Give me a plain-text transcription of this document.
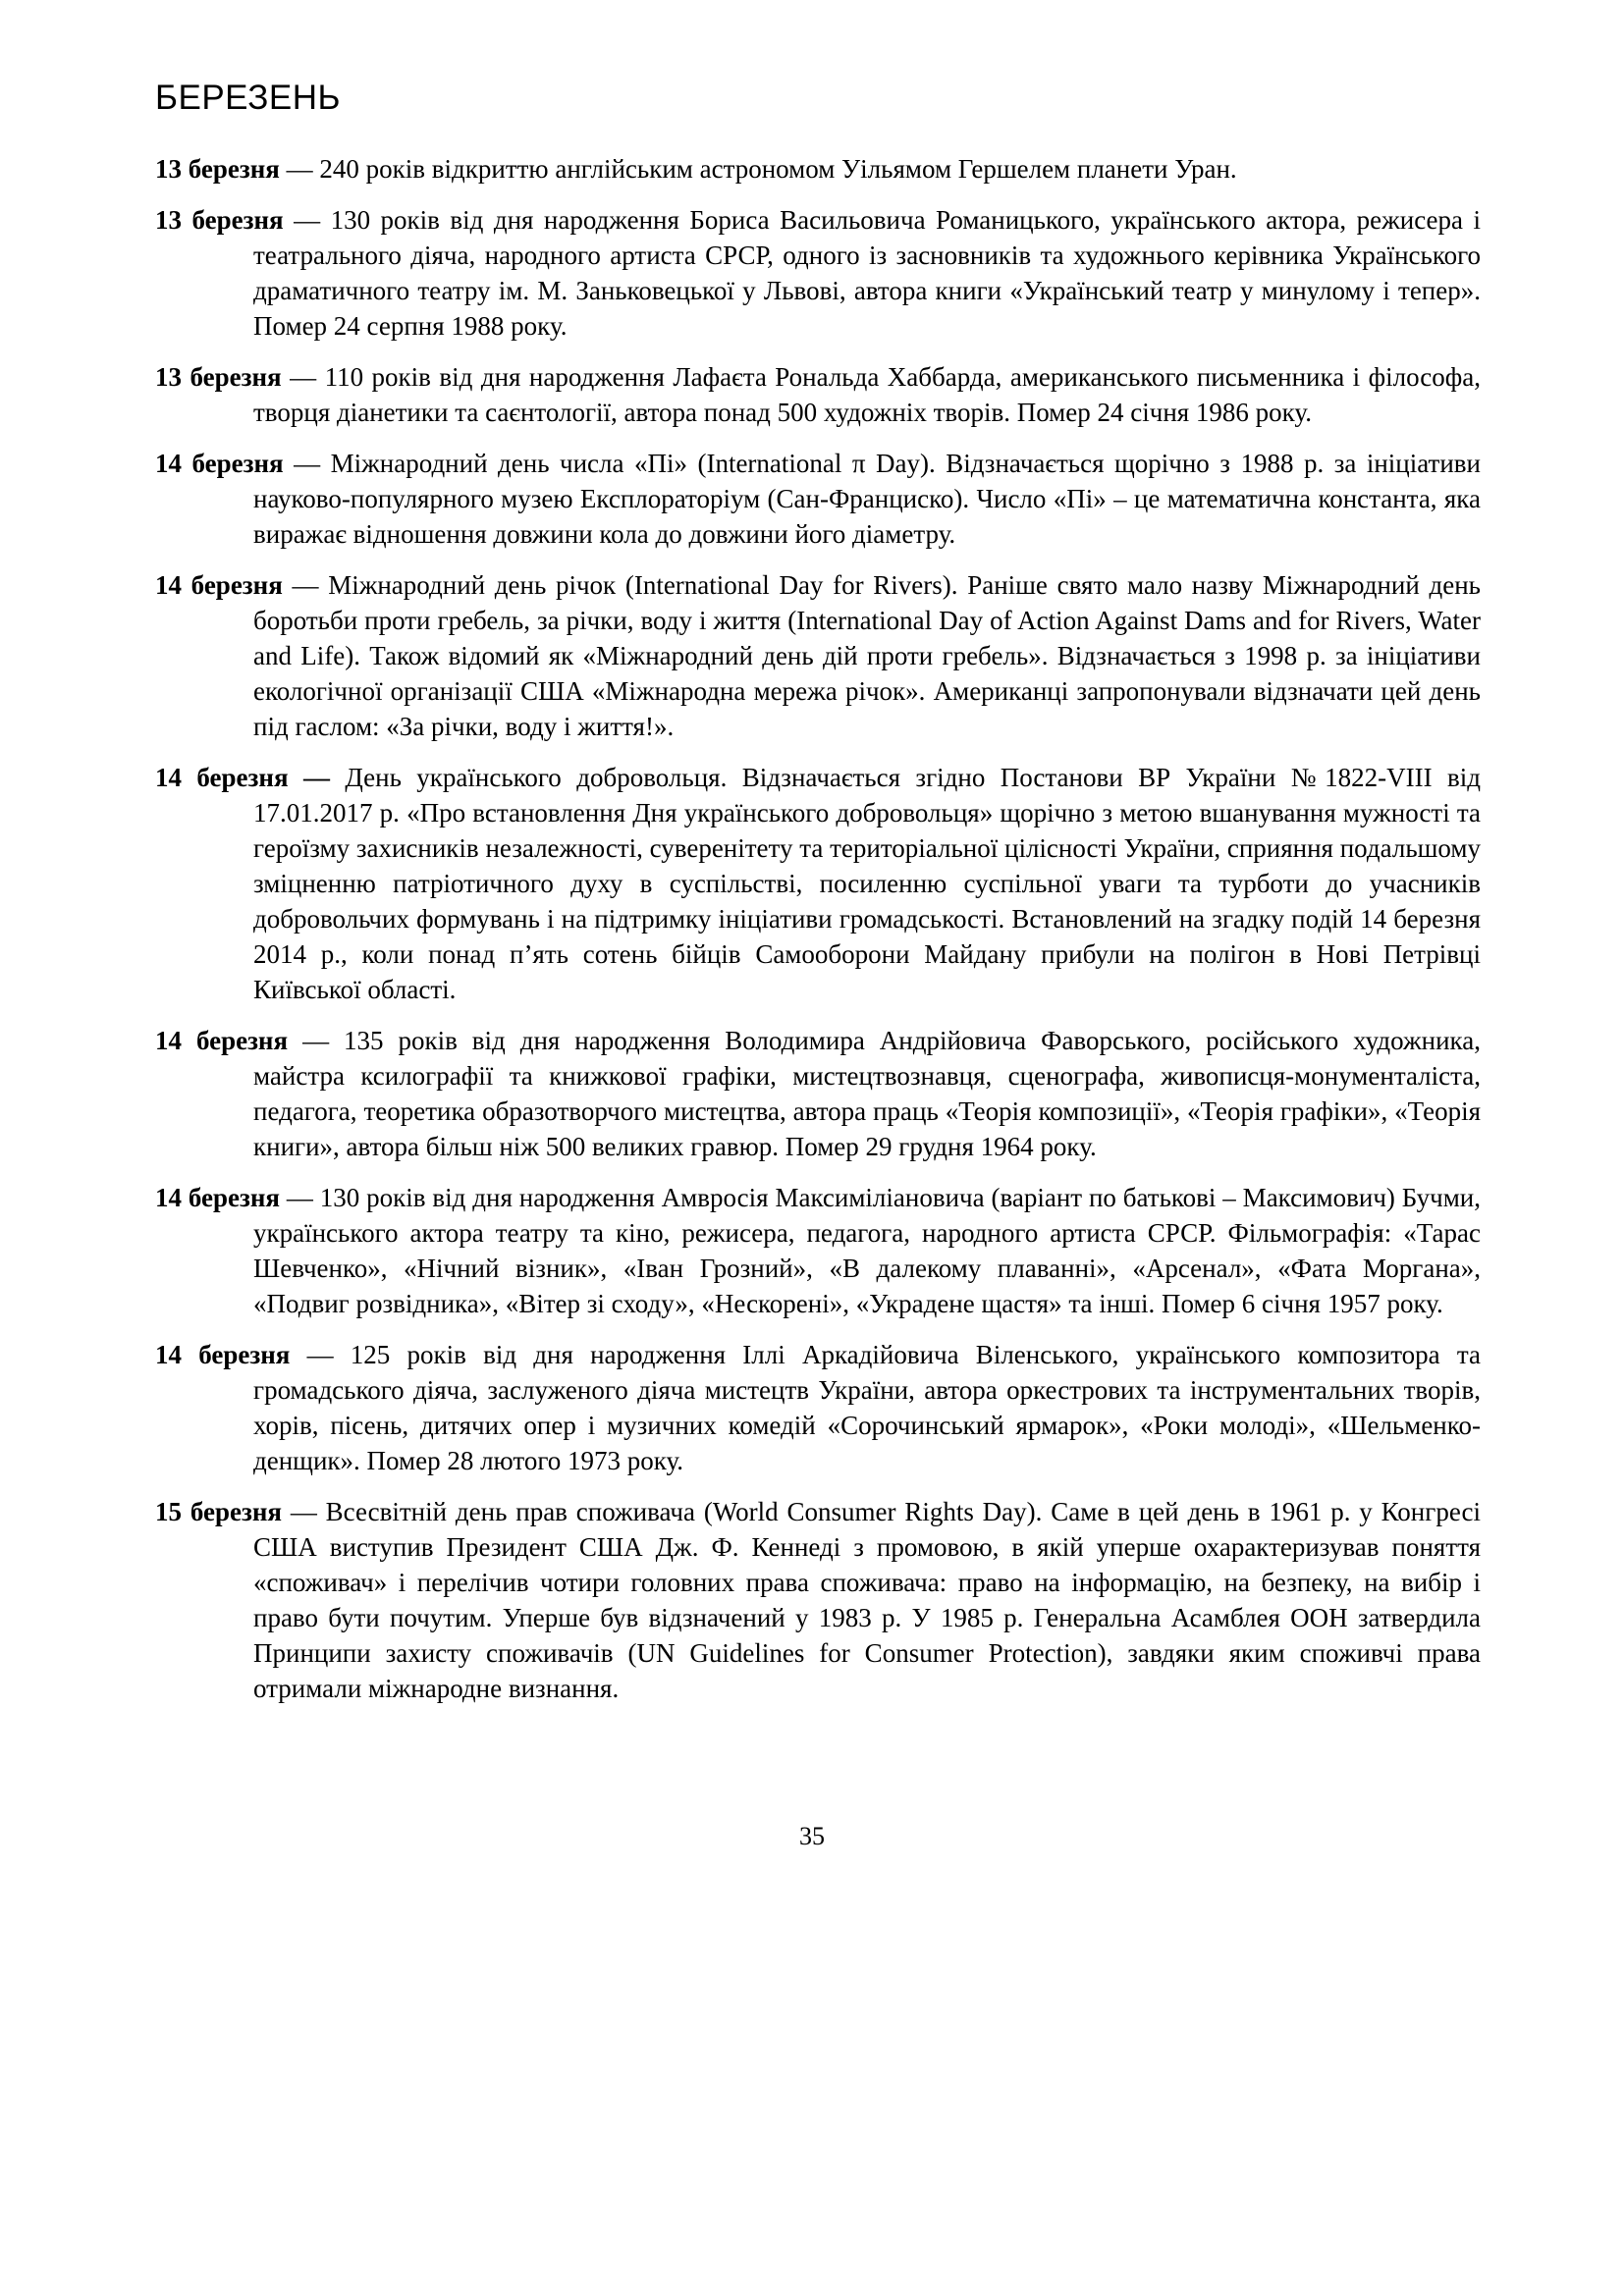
БЕРЕЗЕНЬ

13 березня — 240 років відкриттю англійським астрономом Уільямом Гершелем планети Уран.

13 березня — 130 років від дня народження Бориса Васильовича Романицького, українського актора, режисера і театрального діяча, народного артиста СРСР, одного із засновників та художнього керівника Українського драматичного театру ім. М. Заньковецької у Львові, автора книги «Український театр у минулому і тепер». Помер 24 серпня 1988 року.

13 березня — 110 років від дня народження Лафаєта Рональда Хаббарда, американського письменника і філософа, творця діанетики та саєнтології, автора понад 500 художніх творів. Помер 24 січня 1986 року.

14 березня — Міжнародний день числа «Пі» (International π Day). Відзначається щорічно з 1988 р. за ініціативи науково-популярного музею Експлораторіум (Сан-Франциско). Число «Пі» – це математична константа, яка виражає відношення довжини кола до довжини його діаметру.

14 березня — Міжнародний день річок (International Day for Rivers). Раніше свято мало назву Міжнародний день боротьби проти гребель, за річки, воду і життя (International Day of Action Against Dams and for Rivers, Water and Life). Також відомий як «Міжнародний день дій проти гребель». Відзначається з 1998 р. за ініціативи екологічної організації США «Міжнародна мережа річок». Американці запропонували відзначати цей день під гаслом: «За річки, воду і життя!».

14 березня — День українського добровольця. Відзначається згідно Постанови ВР України №1822-VIII від 17.01.2017 р. «Про встановлення Дня українського добровольця» щорічно з метою вшанування мужності та героїзму захисників незалежності, суверенітету та територіальної цілісності України, сприяння подальшому зміцненню патріотичного духу в суспільстві, посиленню суспільної уваги та турботи до учасників добровольчих формувань і на підтримку ініціативи громадськості. Встановлений на згадку подій 14 березня 2014 р., коли понад п’ять сотень бійців Самооборони Майдану прибули на полігон в Нові Петрівці Київської області.

14 березня — 135 років від дня народження Володимира Андрійовича Фаворського, російського художника, майстра ксилографії та книжкової графіки, мистецтвознавця, сценографа, живописця-монументаліста, педагога, теоретика образотворчого мистецтва, автора праць «Теорія композиції», «Теорія графіки», «Теорія книги», автора більш ніж 500 великих гравюр. Помер 29 грудня 1964 року.

14 березня — 130 років від дня народження Амвросія Максиміліановича (варіант по батькові – Максимович) Бучми, українського актора театру та кіно, режисера, педагога, народного артиста СРСР. Фільмографія: «Тарас Шевченко», «Нічний візник», «Іван Грозний», «В далекому плаванні», «Арсенал», «Фата Моргана», «Подвиг розвідника», «Вітер зі сходу», «Нескорені», «Украдене щастя» та інші. Помер 6 січня 1957 року.

14 березня — 125 років від дня народження Іллі Аркадійовича Віленського, українського композитора та громадського діяча, заслуженого діяча мистецтв України, автора оркестрових та інструментальних творів, хорів, пісень, дитячих опер і музичних комедій «Сорочинський ярмарок», «Роки молоді», «Шельменко-денщик». Помер 28 лютого 1973 року.

15 березня — Всесвітній день прав споживача (World Consumer Rights Day). Саме в цей день в 1961 р. у Конгресі США виступив Президент США Дж. Ф. Кеннеді з промовою, в якій уперше охарактеризував поняття «споживач» і перелічив чотири головних права споживача: право на інформацію, на безпеку, на вибір і право бути почутим. Уперше був відзначений у 1983 р. У 1985 р. Генеральна Асамблея ООН затвердила Принципи захисту споживачів (UN Guidelines for Consumer Protection), завдяки яким споживчі права отримали міжнародне визнання.

35
